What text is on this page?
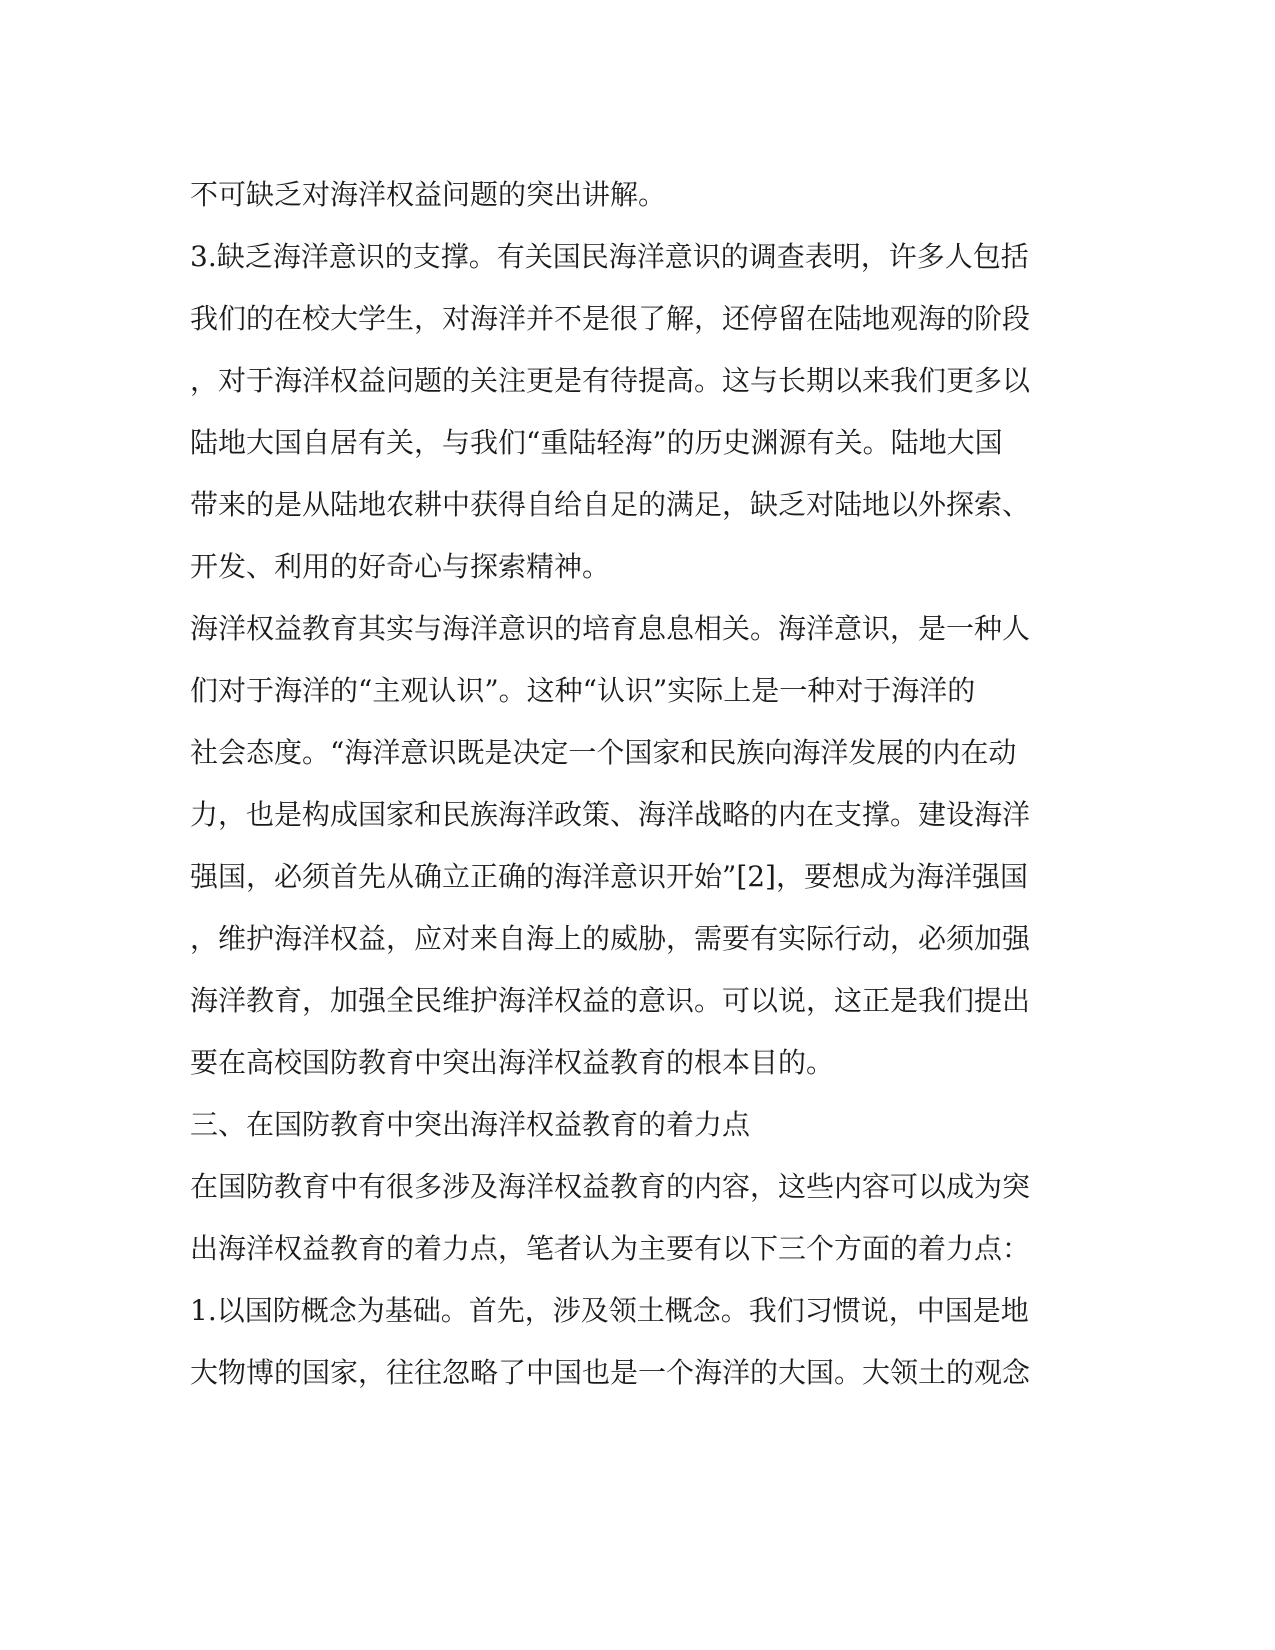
不可缺乏对海洋权益问题的突出讲解。

3.缺乏海洋意识的支撑。有关国民海洋意识的调查表明，许多人包括

我们的在校大学生，对海洋并不是很了解，还停留在陆地观海的阶段

，对于海洋权益问题的关注更是有待提高。这与长期以来我们更多以

陆地大国自居有关，与我们“重陆轻海”的历史渊源有关。陆地大国

带来的是从陆地农耕中获得自给自足的满足，缺乏对陆地以外探索、

开发、利用的好奇心与探索精神。

海洋权益教育其实与海洋意识的培育息息相关。海洋意识，是一种人

们对于海洋的“主观认识”。这种“认识”实际上是一种对于海洋的

社会态度。“海洋意识既是决定一个国家和民族向海洋发展的内在动

力，也是构成国家和民族海洋政策、海洋战略的内在支撑。建设海洋

强国，必须首先从确立正确的海洋意识开始”[2]，要想成为海洋强国

，维护海洋权益，应对来自海上的威胁，需要有实际行动，必须加强

海洋教育，加强全民维护海洋权益的意识。可以说，这正是我们提出

要在高校国防教育中突出海洋权益教育的根本目的。

三、在国防教育中突出海洋权益教育的着力点

在国防教育中有很多涉及海洋权益教育的内容，这些内容可以成为突

出海洋权益教育的着力点，笔者认为主要有以下三个方面的着力点：

1.以国防概念为基础。首先，涉及领土概念。我们习惯说，中国是地

大物博的国家，往往忽略了中国也是一个海洋的大国。大领土的观念
